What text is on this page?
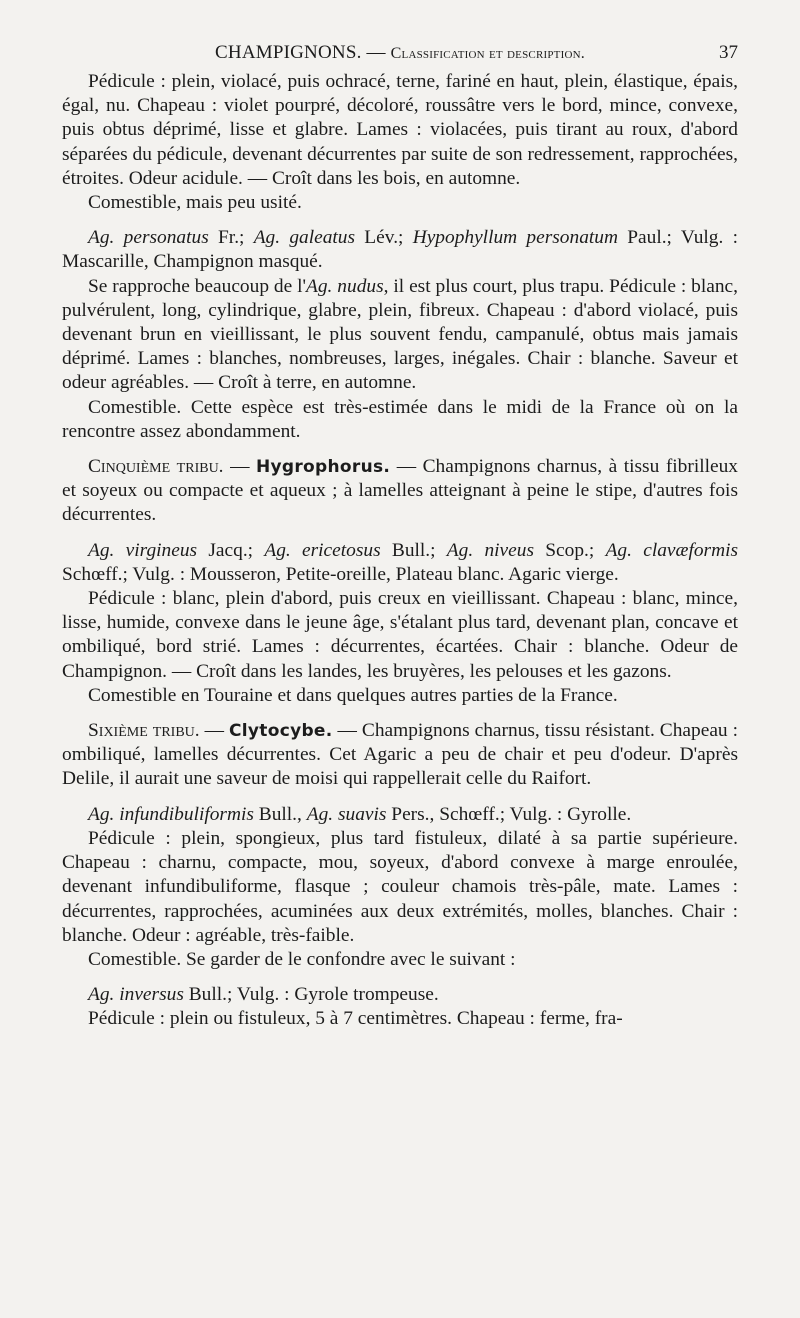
CHAMPIGNONS. — Classification et description.	37

Pédicule : plein, violacé, puis ochracé, terne, fariné en haut, plein, élastique, épais, égal, nu. Chapeau : violet pourpré, décoloré, roussâtre vers le bord, mince, convexe, puis obtus déprimé, lisse et glabre. Lames : violacées, puis tirant au roux, d'abord séparées du pédicule, devenant décurrentes par suite de son redressement, rapprochées, étroites. Odeur acidule. — Croît dans les bois, en automne.

Comestible, mais peu usité.

Ag. personatus Fr.; Ag. galeatus Lév.; Hypophyllum personatum Paul.; Vulg. : Mascarille, Champignon masqué.

Se rapproche beaucoup de l'Ag. nudus, il est plus court, plus trapu. Pédicule : blanc, pulvérulent, long, cylindrique, glabre, plein, fibreux. Chapeau : d'abord violacé, puis devenant brun en vieillissant, le plus souvent fendu, campanulé, obtus mais jamais déprimé. Lames : blanches, nombreuses, larges, inégales. Chair : blanche. Saveur et odeur agréables. — Croît à terre, en automne.

Comestible. Cette espèce est très-estimée dans le midi de la France où on la rencontre assez abondamment.

Cinquième tribu. — Hygrophorus. — Champignons charnus, à tissu fibrilleux et soyeux ou compacte et aqueux ; à lamelles atteignant à peine le stipe, d'autres fois décurrentes.

Ag. virgineus Jacq.; Ag. ericetosus Bull.; Ag. niveus Scop.; Ag. clavæformis Schœff.; Vulg. : Mousseron, Petite-oreille, Plateau blanc. Agaric vierge.

Pédicule : blanc, plein d'abord, puis creux en vieillissant. Chapeau : blanc, mince, lisse, humide, convexe dans le jeune âge, s'étalant plus tard, devenant plan, concave et ombiliqué, bord strié. Lames : décurrentes, écartées. Chair : blanche. Odeur de Champignon. — Croît dans les landes, les bruyères, les pelouses et les gazons.

Comestible en Touraine et dans quelques autres parties de la France.

Sixième tribu. — Clytocybe. — Champignons charnus, tissu résistant. Chapeau : ombiliqué, lamelles décurrentes. Cet Agaric a peu de chair et peu d'odeur. D'après Delile, il aurait une saveur de moisi qui rappellerait celle du Raifort.

Ag. infundibuliformis Bull., Ag. suavis Pers., Schœff.; Vulg. : Gyrolle.

Pédicule : plein, spongieux, plus tard fistuleux, dilaté à sa partie supérieure. Chapeau : charnu, compacte, mou, soyeux, d'abord convexe à marge enroulée, devenant infundibuliforme, flasque ; couleur chamois très-pâle, mate. Lames : décurrentes, rapprochées, acuminées aux deux extrémités, molles, blanches. Chair : blanche. Odeur : agréable, très-faible.

Comestible. Se garder de le confondre avec le suivant :

Ag. inversus Bull.; Vulg. : Gyrole trompeuse.

Pédicule : plein ou fistuleux, 5 à 7 centimètres. Chapeau : ferme, fra-
